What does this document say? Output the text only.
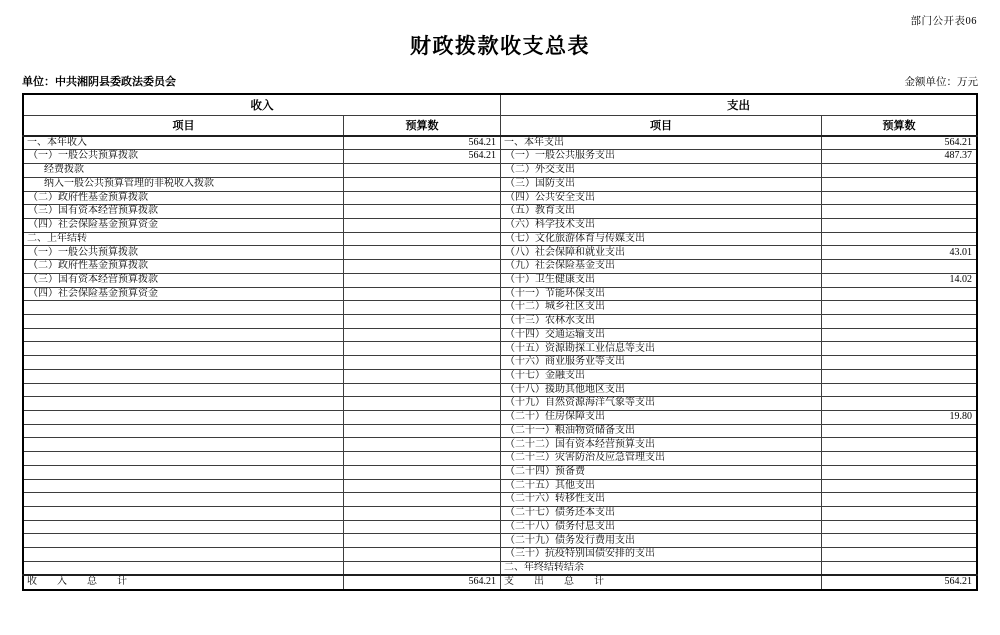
部门公开表06
财政拨款收支总表
单位：中共湘阴县委政法委员会	金额单位：万元
收入		支出	
项目	预算数	项目	预算数
一、本年收入	564.21	一、本年支出	564.21
（一）一般公共预算拨款	564.21	（一）一般公共服务支出	487.37
经费拨款		（二）外交支出	
纳入一般公共预算管理的非税收入拨款		（三）国防支出	
（二）政府性基金预算拨款		（四）公共安全支出	
（三）国有资本经营预算拨款		（五）教育支出	
（四）社会保险基金预算资金		（六）科学技术支出	
二、上年结转		（七）文化旅游体育与传媒支出	
（一）一般公共预算拨款		（八）社会保障和就业支出	43.01
（二）政府性基金预算拨款		（九）社会保险基金支出	
（三）国有资本经营预算拨款		（十）卫生健康支出	14.02
（四）社会保险基金预算资金		（十一）节能环保支出	
		（十二）城乡社区支出	
		（十三）农林水支出	
		（十四）交通运输支出	
		（十五）资源勘探工业信息等支出	
		（十六）商业服务业等支出	
		（十七）金融支出	
		（十八）援助其他地区支出	
		（十九）自然资源海洋气象等支出	
		（二十）住房保障支出	19.80
		（二十一）粮油物资储备支出	
		（二十二）国有资本经营预算支出	
		（二十三）灾害防治及应急管理支出	
		（二十四）预备费	
		（二十五）其他支出	
		（二十六）转移性支出	
		（二十七）债务还本支出	
		（二十八）债务付息支出	
		（二十九）债务发行费用支出	
		（三十）抗疫特别国债安排的支出	
		二、年终结转结余	
收　　入　　总　　计	564.21	支　　出　　总　　计	564.21
